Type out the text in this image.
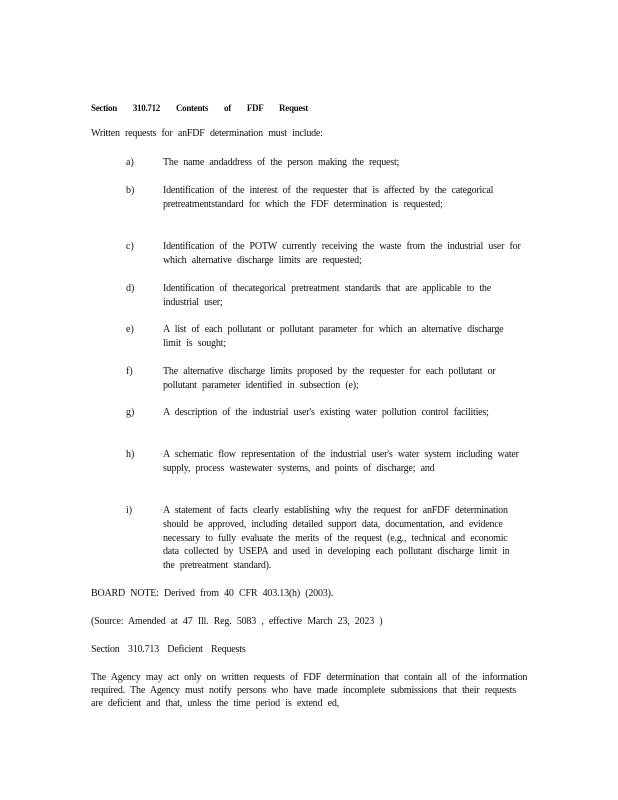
Section 310.712 Contents of FDF Request
Written requests for anFDF determination must include:
a)	The name andaddress of the person making the request;
b)	Identification of the interest of the requester that is affected by the categorical pretreatmentstandard for which the FDF determination is requested;
c)	Identification of the POTW currently receiving the waste from the industrial user for which alternative discharge limits are requested;
d)	Identification of thecategorical pretreatment standards that are applicable to the industrial user;
e)	A list of each pollutant or pollutant parameter for which an alternative discharge limit is sought;
f)	The alternative discharge limits proposed by the requester for each pollutant or pollutant parameter identified in subsection (e);
g)	A description of the industrial user's existing water pollution control facilities;
h)	A schematic flow representation of the industrial user's water system including water supply, process wastewater systems, and points of discharge; and
i)	A statement of facts clearly establishing why the request for anFDF determination should be approved, including detailed support data, documentation, and evidence necessary to fully evaluate the merits of the request (e.g., technical and economic data collected by USEPA and used in developing each pollutant discharge limit in the pretreatment standard).
BOARD NOTE: Derived from 40 CFR 403.13(h) (2003).
(Source: Amended at 47 Ill. Reg. 5083 , effective March 23, 2023 )
Section 310.713 Deficient Requests
The Agency may act only on written requests of FDF determination that contain all of the information required. The Agency must notify persons who have made incomplete submissions that their requests are deficient and that, unless the time period is extend ed,
